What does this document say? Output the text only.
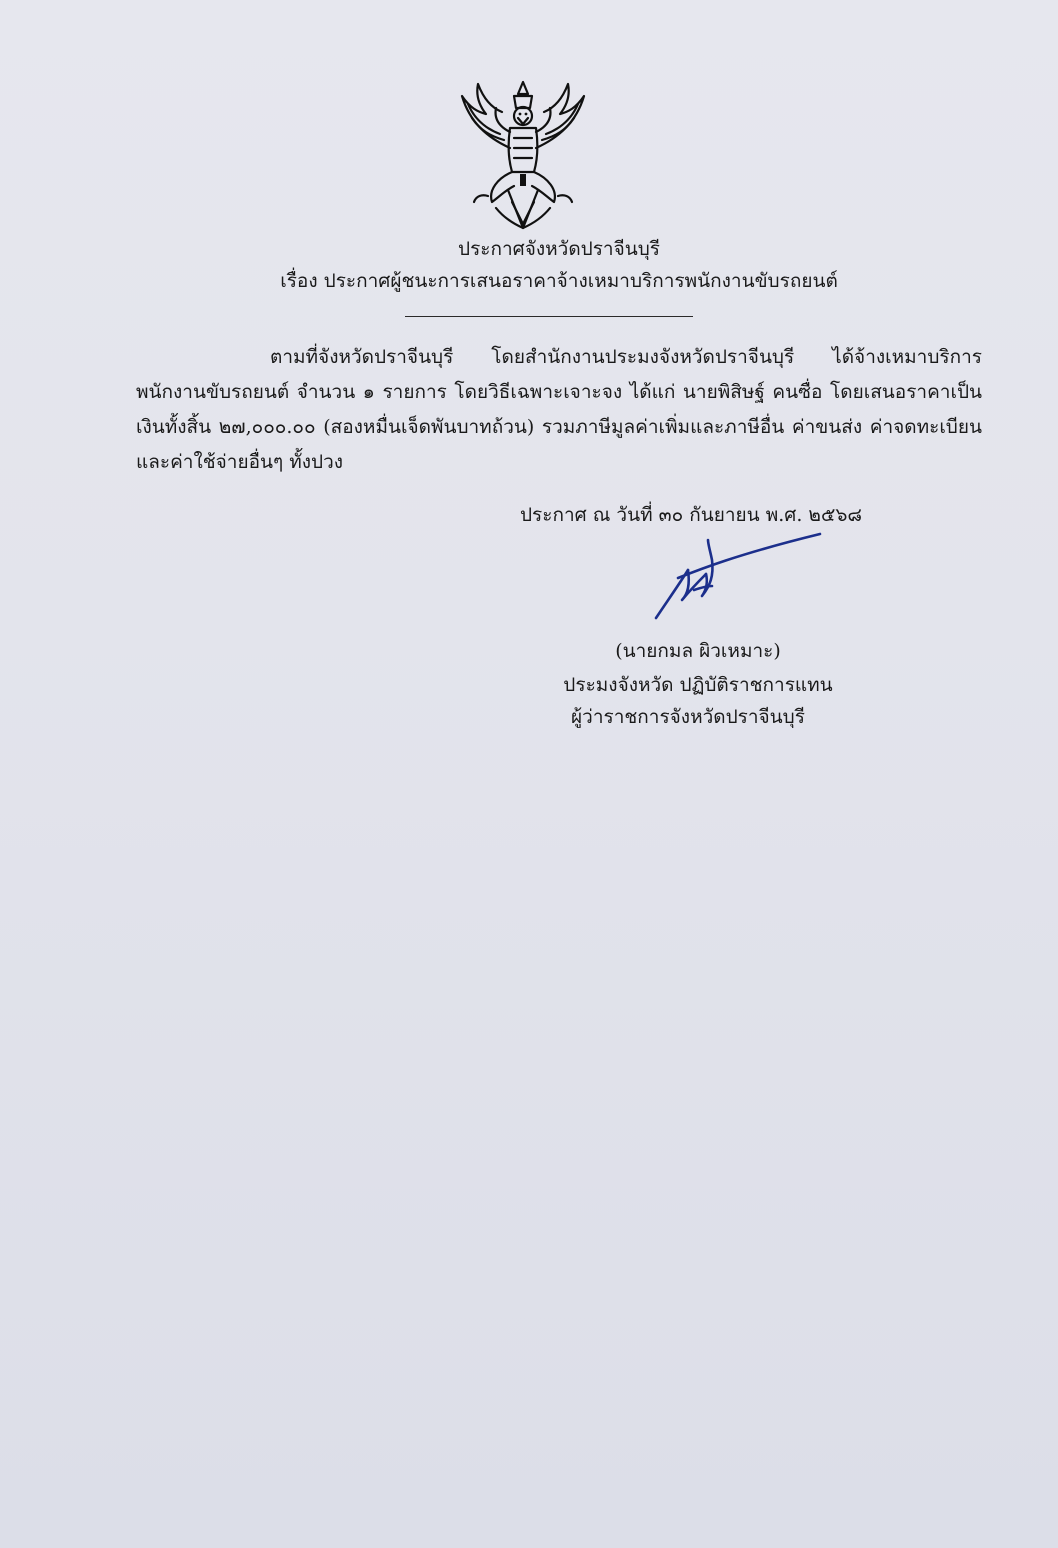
ประกาศจังหวัดปราจีนบุรี
เรื่อง ประกาศผู้ชนะการเสนอราคาจ้างเหมาบริการพนักงานขับรถยนต์
ตามที่จังหวัดปราจีนบุรี โดยสำนักงานประมงจังหวัดปราจีนบุรี ได้จ้างเหมาบริการพนักงานขับรถยนต์ จำนวน ๑ รายการ โดยวิธีเฉพาะเจาะจง ได้แก่ นายพิสิษฐ์ คนซื่อ โดยเสนอราคาเป็นเงินทั้งสิ้น ๒๗,๐๐๐.๐๐ (สองหมื่นเจ็ดพันบาทถ้วน) รวมภาษีมูลค่าเพิ่มและภาษีอื่น ค่าขนส่ง ค่าจดทะเบียน และค่าใช้จ่ายอื่นๆ ทั้งปวง
ประกาศ ณ วันที่ ๓๐ กันยายน พ.ศ. ๒๕๖๘
(นายกมล ผิวเหมาะ)
ประมงจังหวัด ปฏิบัติราชการแทน
ผู้ว่าราชการจังหวัดปราจีนบุรี
